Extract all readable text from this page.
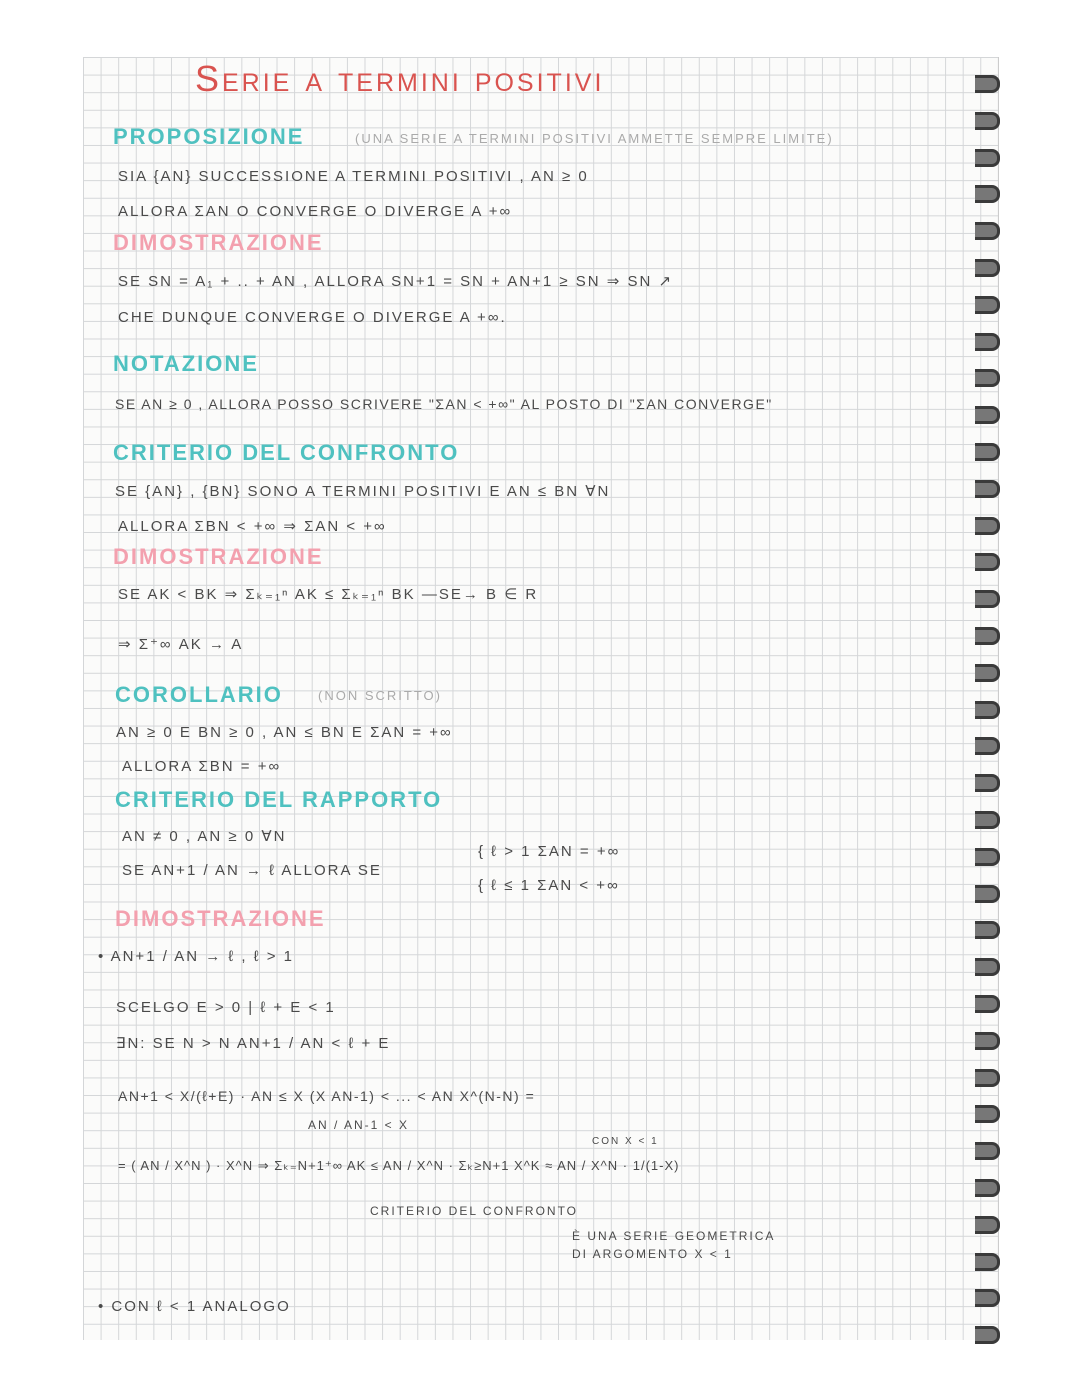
Serie a termini positivi
PROPOSIZIONE	(UNA SERIE A TERMINI POSITIVI AMMETTE SEMPRE LIMITE)
SIA {AN} SUCCESSIONE A TERMINI POSITIVI , AN ≥ 0
ALLORA ΣAN O CONVERGE O DIVERGE A +∞
DIMOSTRAZIONE
SE SN = A₁ + .. + AN , ALLORA SN+1 = SN + AN+1 ≥ SN ⇒ SN ↗
CHE DUNQUE CONVERGE O DIVERGE A +∞.
NOTAZIONE
SE AN ≥ 0 , ALLORA POSSO SCRIVERE "ΣAN < +∞" AL POSTO DI "ΣAN CONVERGE"
CRITERIO DEL CONFRONTO
SE {AN} , {BN} SONO A TERMINI POSITIVI E AN ≤ BN ∀N
ALLORA ΣBN < +∞ ⇒ ΣAN < +∞
DIMOSTRAZIONE
SE AK < BK ⇒ Σₖ₌₁ⁿ AK ≤ Σₖ₌₁ⁿ BK —SE→ B ∈ R
⇒ Σ⁺∞ AK → A
COROLLARIO	(NON SCRITTO)
AN ≥ 0 E BN ≥ 0 , AN ≤ BN E ΣAN = +∞
ALLORA ΣBN = +∞
CRITERIO DEL RAPPORTO
AN ≠ 0 , AN ≥ 0 ∀N
SE AN+1 / AN → ℓ ALLORA SE
{ ℓ > 1 ΣAN = +∞
{ ℓ ≤ 1 ΣAN < +∞
DIMOSTRAZIONE
• AN+1 / AN → ℓ , ℓ > 1
SCELGO Ε > 0 | ℓ + Ε < 1
∃N: SE N > N AN+1 / AN < ℓ + Ε
AN+1 < X/(ℓ+Ε) · AN ≤ X (X AN-1) < ... < AN X^(N-N) =
AN / AN-1 < X
= ( AN / X^N ) · X^N ⇒ Σₖ₌N+1⁺∞ AK ≤ AN / X^N · Σₖ≥N+1 X^K ≈ AN / X^N · 1/(1-X)
CON X < 1
CRITERIO DEL CONFRONTO
È UNA SERIE GEOMETRICA
DI ARGOMENTO X < 1
• CON ℓ < 1 ANALOGO
